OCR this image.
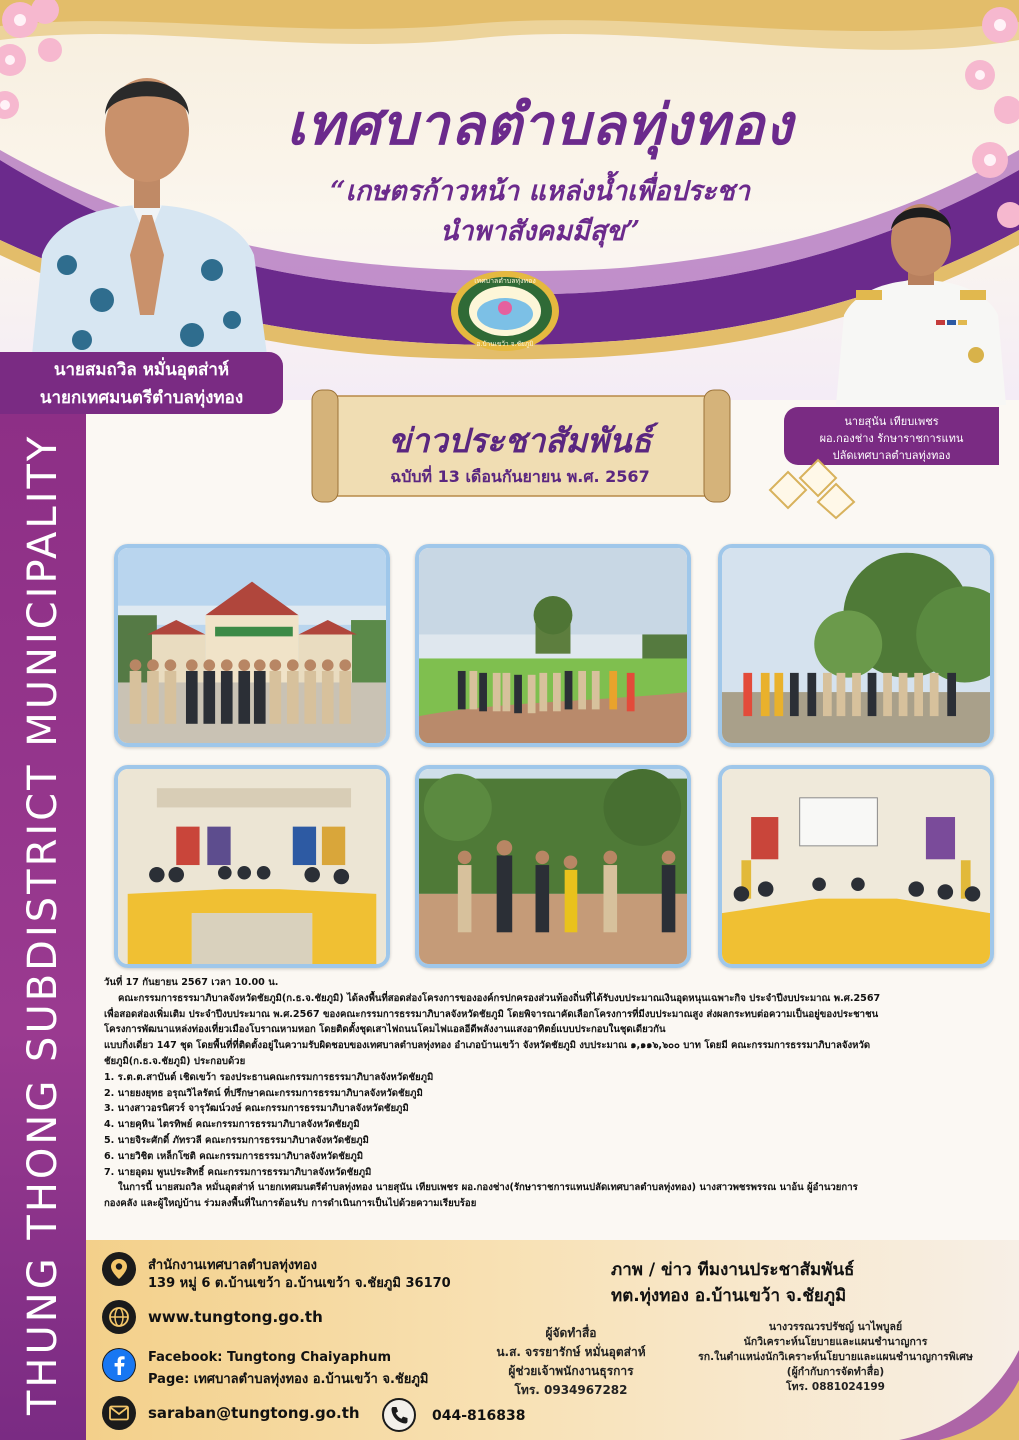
เทศบาลตำบลทุ่งทอง
“เกษตรก้าวหน้า แหล่งน้ำเพื่อประชา
นำพาสังคมมีสุข”
นายสมถวิล หมั่นอุตส่าห์
นายกเทศมนตรีตำบลทุ่งทอง
นายสุนัน เทียบเพชร
ผอ.กองช่าง รักษาราชการแทน
ปลัดเทศบาลตำบลทุ่งทอง
เทศบาลตำบลทุ่งทอง
อ.บ้านเขว้า จ.ชัยภูมิ
ข่าวประชาสัมพันธ์
ฉบับที่ 13 เดือนกันยายน พ.ศ. 2567
THUNG THONG SUBDISTRICT MUNICIPALITY	วันที่ 17 กันยายน 2567 เวลา 10.00 น.

คณะกรรมการธรรมาภิบาลจังหวัดชัยภูมิ(ก.ธ.จ.ชัยภูมิ) ได้ลงพื้นที่สอดส่องโครงการขององค์กรปกครองส่วนท้องถิ่นที่ได้รับงบประมาณเงินอุดหนุนเฉพาะกิจ ประจำปีงบประมาณ พ.ศ.2567

เพื่อสอดส่องเพิ่มเติม ประจำปีงบประมาณ พ.ศ.2567 ของคณะกรรมการธรรมาภิบาลจังหวัดชัยภูมิ โดยพิจารณาคัดเลือกโครงการที่มีงบประมาณสูง ส่งผลกระทบต่อความเป็นอยู่ของประชาชน

โครงการพัฒนาแหล่งท่องเที่ยวเมืองโบราณหามหอก โดยติดตั้งชุดเสาไฟถนนโคมไฟแอลอีดีพลังงานแสงอาทิตย์แบบประกอบในชุดเดียวกัน

แบบกิ่งเดี่ยว 147 ชุด โดยพื้นที่ที่ติดตั้งอยู่ในความรับผิดชอบของเทศบาลตำบลทุ่งทอง อำเภอบ้านเขว้า จังหวัดชัยภูมิ งบประมาณ ๑,๑๑๖,๖๐๐ บาท โดยมี คณะกรรมการธรรมาภิบาลจังหวัด

ชัยภูมิ(ก.ธ.จ.ชัยภูมิ) ประกอบด้วย

1. ร.ต.ต.สาบันต์ เชิดเขว้า รองประธานคณะกรรมการธรรมาภิบาลจังหวัดชัยภูมิ

2. นายยงยุทธ อรุณวิไลรัตน์ ที่ปรึกษาคณะกรรมการธรรมาภิบาลจังหวัดชัยภูมิ

3. นางสาวอรนิศวร์ จารุวัฒน์วงษ์ คณะกรรมการธรรมาภิบาลจังหวัดชัยภูมิ

4. นายคุหิน ไตรทิพย์ คณะกรรมการธรรมาภิบาลจังหวัดชัยภูมิ

5. นายจิระศักดิ์ ภัทรวลี คณะกรรมการธรรมาภิบาลจังหวัดชัยภูมิ

6. นายวิชิต เหล็กโซติ คณะกรรมการธรรมาภิบาลจังหวัดชัยภูมิ

7. นายอุดม พูนประสิทธิ์ คณะกรรมการธรรมาภิบาลจังหวัดชัยภูมิ

ในการนี้ นายสมถวิล หมั่นอุตส่าห์ นายกเทศมนตรีตำบลทุ่งทอง นายสุนัน เทียบเพชร ผอ.กองช่าง(รักษาราชการแทนปลัดเทศบาลตำบลทุ่งทอง) นางสาวพชรพรรณ นาอ้น ผู้อำนวยการ

กองคลัง และผู้ใหญ่บ้าน ร่วมลงพื้นที่ในการต้อนรับ การดำเนินการเป็นไปด้วยความเรียบร้อย

สำนักงานเทศบาลตำบลทุ่งทอง
139 หมู่ 6 ต.บ้านเขว้า อ.บ้านเขว้า จ.ชัยภูมิ 36170
www.tungtong.go.th
Facebook: Tungtong Chaiyaphum
Page: เทศบาลตำบลทุ่งทอง อ.บ้านเขว้า จ.ชัยภูมิ
saraban@tungtong.go.th	044-816838
ภาพ / ข่าว ทีมงานประชาสัมพันธ์
ทต.ทุ่งทอง อ.บ้านเขว้า จ.ชัยภูมิ
ผู้จัดทำสื่อ
น.ส. จรรยารักษ์ หมั่นอุตส่าห์
ผู้ช่วยเจ้าพนักงานธุรการ
โทร. 0934967282
นางวรรณวรปรัชญ์ นาไพบูลย์
นักวิเคราะห์นโยบายและแผนชำนาญการ
รก.ในตำแหน่งนักวิเคราะห์นโยบายและแผนชำนาญการพิเศษ
(ผู้กำกับการจัดทำสื่อ)
โทร. 0881024199
